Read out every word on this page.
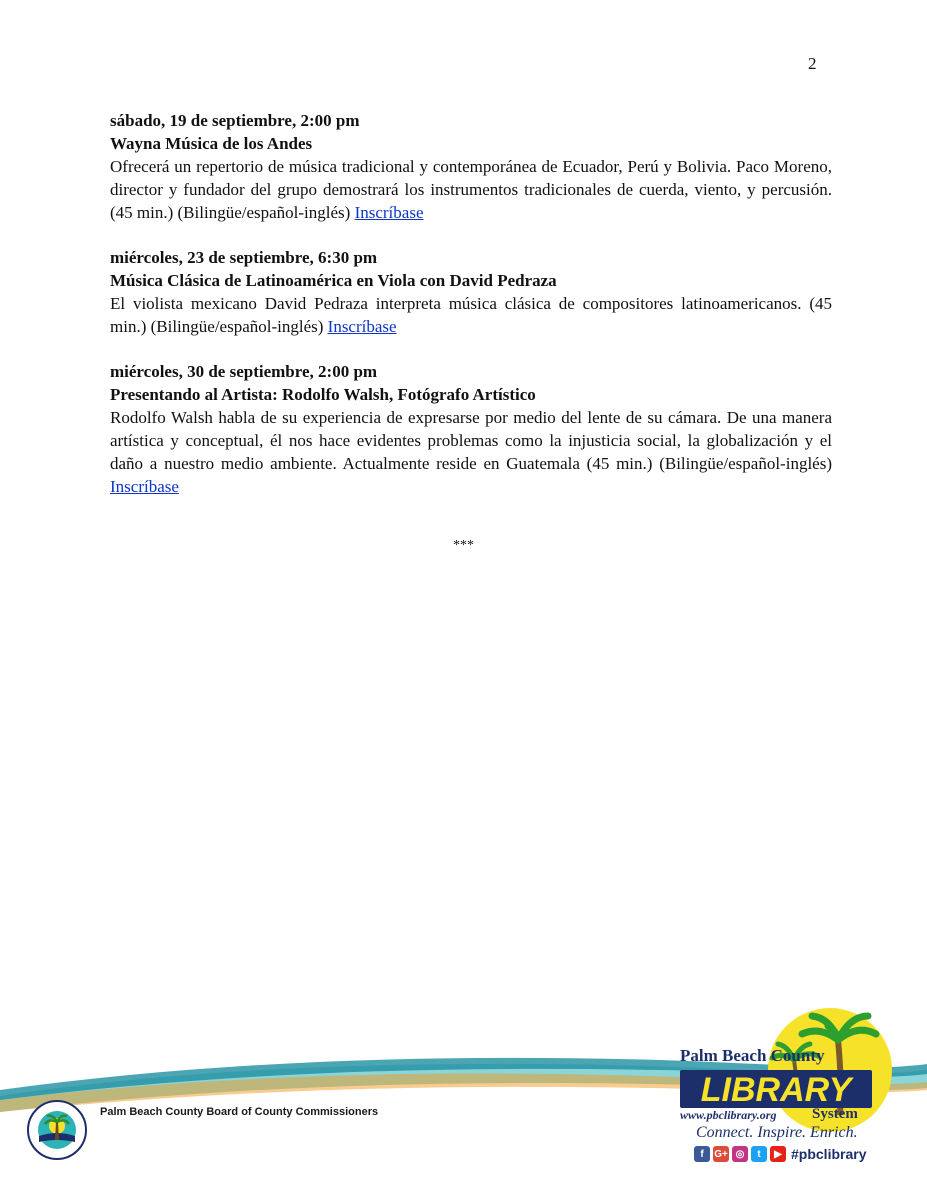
2
sábado, 19 de septiembre, 2:00 pm
Wayna Música de los Andes
Ofrecerá un repertorio de música tradicional y contemporánea de Ecuador, Perú y Bolivia. Paco Moreno, director y fundador del grupo demostrará los instrumentos tradicionales de cuerda, viento, y percusión. (45 min.) (Bilingüe/español-inglés) Inscríbase
miércoles, 23 de septiembre, 6:30 pm
Música Clásica de Latinoamérica en Viola con David Pedraza
El violista mexicano David Pedraza interpreta música clásica de compositores latinoamericanos. (45 min.) (Bilingüe/español-inglés) Inscríbase
miércoles, 30 de septiembre, 2:00 pm
Presentando al Artista: Rodolfo Walsh, Fotógrafo Artístico
Rodolfo Walsh habla de su experiencia de expresarse por medio del lente de su cámara. De una manera artística y conceptual, él nos hace evidentes problemas como la injusticia social, la globalización y el daño a nuestro medio ambiente. Actualmente reside en Guatemala (45 min.) (Bilingüe/español-inglés) Inscríbase
***
Palm Beach County Board of County Commissioners
LIBRARY
Palm Beach County
www.pbclibrary.org System
Connect. Inspire. Enrich.
f	G+ ◎	t	▶ #pbclibrary
